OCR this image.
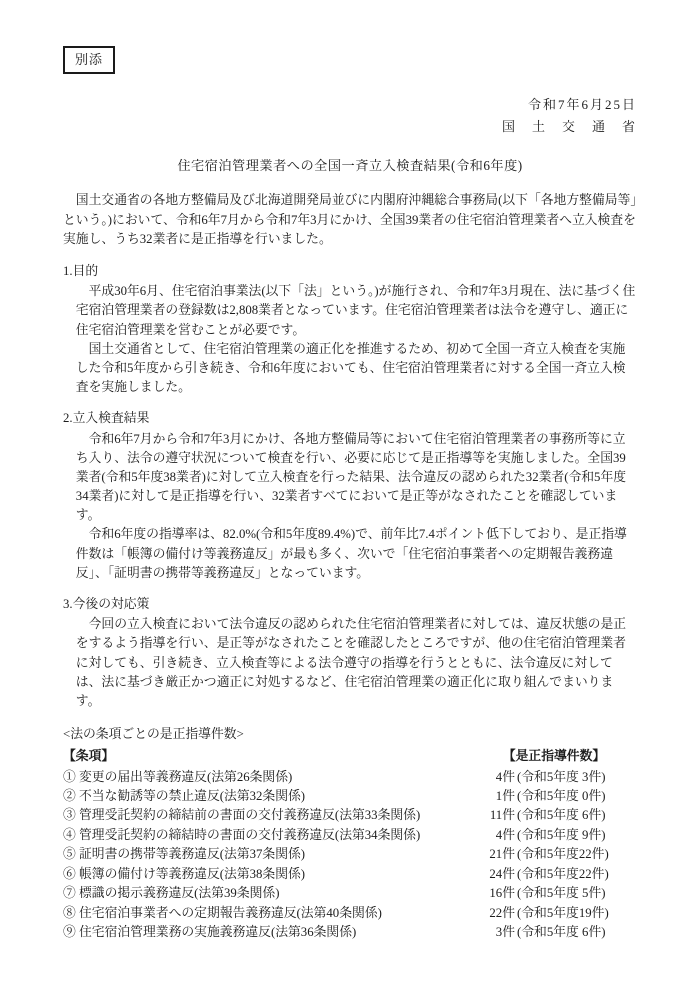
別添
令和7年6月25日
国　土　交　通　省
住宅宿泊管理業者への全国一斉立入検査結果(令和6年度)

国土交通省の各地方整備局及び北海道開発局並びに内閣府沖縄総合事務局(以下「各地方整備局等」という。)において、令和6年7月から令和7年3月にかけ、全国39業者の住宅宿泊管理業者へ立入検査を実施し、うち32業者に是正指導を行いました。

1.目的

平成30年6月、住宅宿泊事業法(以下「法」という。)が施行され、令和7年3月現在、法に基づく住宅宿泊管理業者の登録数は2,808業者となっています。住宅宿泊管理業者は法令を遵守し、適正に住宅宿泊管理業を営むことが必要です。

国土交通省として、住宅宿泊管理業の適正化を推進するため、初めて全国一斉立入検査を実施した令和5年度から引き続き、令和6年度においても、住宅宿泊管理業者に対する全国一斉立入検査を実施しました。

2.立入検査結果

令和6年7月から令和7年3月にかけ、各地方整備局等において住宅宿泊管理業者の事務所等に立ち入り、法令の遵守状況について検査を行い、必要に応じて是正指導等を実施しました。全国39業者(令和5年度38業者)に対して立入検査を行った結果、法令違反の認められた32業者(令和5年度34業者)に対して是正指導を行い、32業者すべてにおいて是正等がなされたことを確認しています。

令和6年度の指導率は、82.0%(令和5年度89.4%)で、前年比7.4ポイント低下しており、是正指導件数は「帳簿の備付け等義務違反」が最も多く、次いで「住宅宿泊事業者への定期報告義務違反」、「証明書の携帯等義務違反」となっています。

3.今後の対応策

今回の立入検査において法令違反の認められた住宅宿泊管理業者に対しては、違反状態の是正をするよう指導を行い、是正等がなされたことを確認したところですが、他の住宅宿泊管理業者に対しても、引き続き、立入検査等による法令遵守の指導を行うとともに、法令違反に対しては、法に基づき厳正かつ適正に対処するなど、住宅宿泊管理業の適正化に取り組んでまいります。

<法の条項ごとの是正指導件数>
【条項】	【是正指導件数】
① 変更の届出等義務違反(法第26条関係)	4件 (令和5年度 3件)
② 不当な勧誘等の禁止違反(法第32条関係)	1件 (令和5年度 0件)
③ 管理受託契約の締結前の書面の交付義務違反(法第33条関係)	11件 (令和5年度 6件)
④ 管理受託契約の締結時の書面の交付義務違反(法第34条関係)	4件 (令和5年度 9件)
⑤ 証明書の携帯等義務違反(法第37条関係)	21件 (令和5年度22件)
⑥ 帳簿の備付け等義務違反(法第38条関係)	24件 (令和5年度22件)
⑦ 標識の掲示義務違反(法第39条関係)	16件 (令和5年度 5件)
⑧ 住宅宿泊事業者への定期報告義務違反(法第40条関係)	22件 (令和5年度19件)
⑨ 住宅宿泊管理業務の実施義務違反(法第36条関係)	3件 (令和5年度 6件)
